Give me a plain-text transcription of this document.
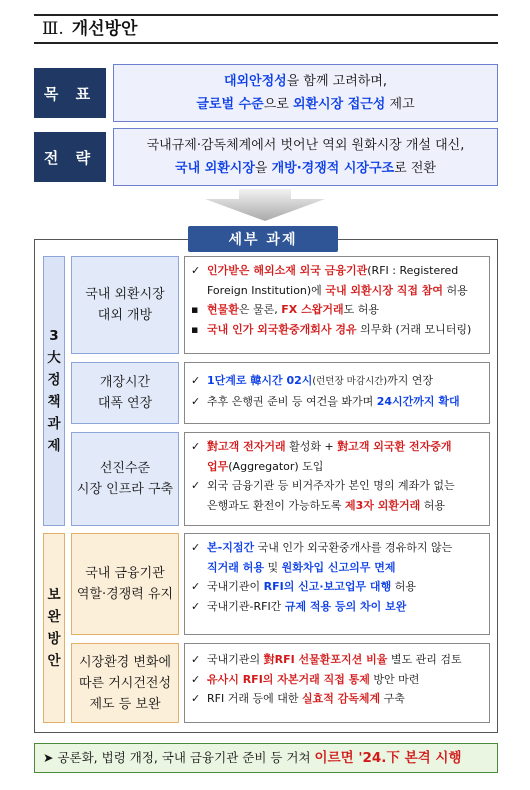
Ⅲ. 개선방안
목 표
대외안정성을 함께 고려하며,
글로벌 수준으로 외환시장 접근성 제고
전 략
국내규제·감독체계에서 벗어난 역외 원화시장 개설 대신,
국내 외환시장을 개방·경쟁적 시장구조로 전환
세부 과제
3
大
정
책
과
제
보
완
방
안
국내 외환시장
대외 개방
개장시간
대폭 연장
선진수준
시장 인프라 구축
국내 금융기관
역할·경쟁력 유지
시장환경 변화에
따른 거시건전성
제도 등 보완
✓ 인가받은 해외소재 외국 금융기관(RFI : Registered
Foreign Institution)에 국내 외환시장 직접 참여 허용
▪ 현물환은 물론, FX 스왑거래도 허용
▪ 국내 인가 외국환중개회사 경유 의무화 (거래 모니터링)
✓ 1단계로 韓시간 02시(런던장 마감시간)까지 연장
✓ 추후 은행권 준비 등 여건을 봐가며 24시간까지 확대
✓ 對고객 전자거래 활성화 + 對고객 외국환 전자중개
업무(Aggregator) 도입
✓ 외국 금융기관 등 비거주자가 본인 명의 계좌가 없는
은행과도 환전이 가능하도록 제3자 외환거래 허용
✓ 본-지점간 국내 인가 외국환중개사를 경유하지 않는
직거래 허용 및 원화차입 신고의무 면제
✓ 국내기관이 RFI의 신고·보고업무 대행 허용
✓ 국내기관-RFI간 규제 적용 등의 차이 보완
✓ 국내기관의 對RFI 선물환포지션 비율 별도 관리 검토
✓ 유사시 RFI의 자본거래 직접 통제 방안 마련
✓ RFI 거래 등에 대한 실효적 감독체계 구축
➤ 공론화, 법령 개정, 국내 금융기관 준비 등 거쳐 이르면 '24.下 본격 시행
